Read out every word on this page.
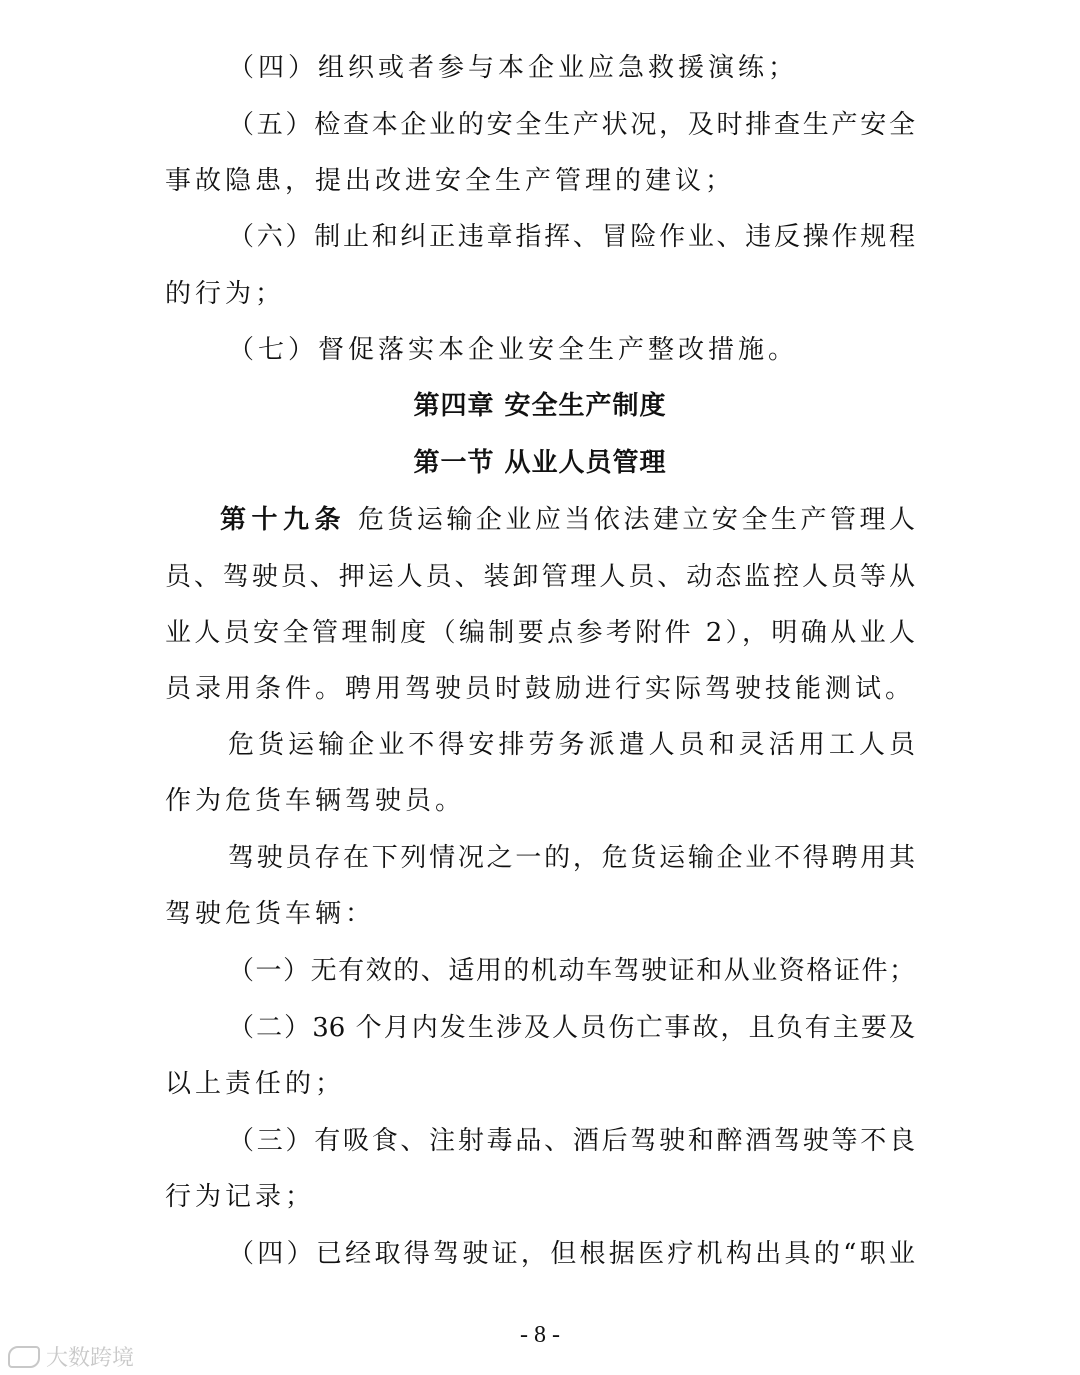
（四）组织或者参与本企业应急救援演练；
（五）检查本企业的安全生产状况，及时排查生产安全
事故隐患，提出改进安全生产管理的建议；
（六）制止和纠正违章指挥、冒险作业、违反操作规程
的行为；
（七）督促落实本企业安全生产整改措施。
第四章 安全生产制度
第一节 从业人员管理
第十九条 危货运输企业应当依法建立安全生产管理人
员、驾驶员、押运人员、装卸管理人员、动态监控人员等从
业人员安全管理制度（编制要点参考附件 2），明确从业人
员录用条件。聘用驾驶员时鼓励进行实际驾驶技能测试。
危货运输企业不得安排劳务派遣人员和灵活用工人员
作为危货车辆驾驶员。
驾驶员存在下列情况之一的，危货运输企业不得聘用其
驾驶危货车辆：
（一）无有效的、适用的机动车驾驶证和从业资格证件；
（二）36 个月内发生涉及人员伤亡事故，且负有主要及
以上责任的；
（三）有吸食、注射毒品、酒后驾驶和醉酒驾驶等不良
行为记录；
（四）已经取得驾驶证，但根据医疗机构出具的“职业
- 8 -
大数跨境
